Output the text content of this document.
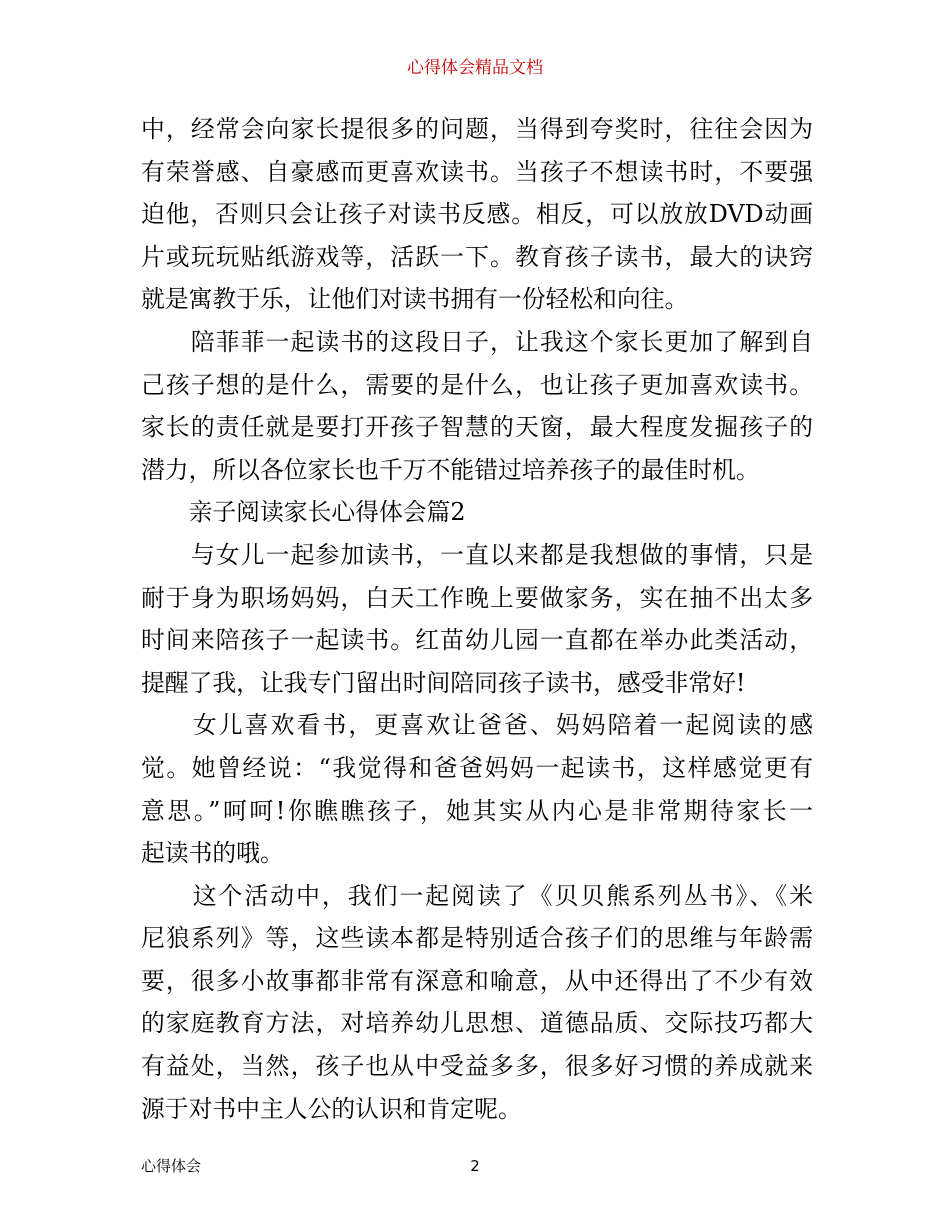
心得体会精品文档
中，经常会向家长提很多的问题，当得到夸奖时，往往会因为
有荣誉感、自豪感而更喜欢读书。当孩子不想读书时，不要强
迫他，否则只会让孩子对读书反感。相反，可以放放DVD动画
片或玩玩贴纸游戏等，活跃一下。教育孩子读书，最大的诀窍
就是寓教于乐，让他们对读书拥有一份轻松和向往。
　　陪菲菲一起读书的这段日子，让我这个家长更加了解到自
己孩子想的是什么，需要的是什么，也让孩子更加喜欢读书。
家长的责任就是要打开孩子智慧的天窗，最大程度发掘孩子的
潜力，所以各位家长也千万不能错过培养孩子的最佳时机。
　　亲子阅读家长心得体会篇2
　　与女儿一起参加读书，一直以来都是我想做的事情，只是
耐于身为职场妈妈，白天工作晚上要做家务，实在抽不出太多
时间来陪孩子一起读书。红苗幼儿园一直都在举办此类活动，
提醒了我，让我专门留出时间陪同孩子读书，感受非常好!
　　女儿喜欢看书，更喜欢让爸爸、妈妈陪着一起阅读的感
觉。她曾经说：“我觉得和爸爸妈妈一起读书，这样感觉更有
意思。”呵呵!你瞧瞧孩子，她其实从内心是非常期待家长一
起读书的哦。
　　这个活动中，我们一起阅读了《贝贝熊系列丛书》、《米
尼狼系列》等，这些读本都是特别适合孩子们的思维与年龄需
要，很多小故事都非常有深意和喻意，从中还得出了不少有效
的家庭教育方法，对培养幼儿思想、道德品质、交际技巧都大
有益处，当然，孩子也从中受益多多，很多好习惯的养成就来
源于对书中主人公的认识和肯定呢。
心得体会	2
